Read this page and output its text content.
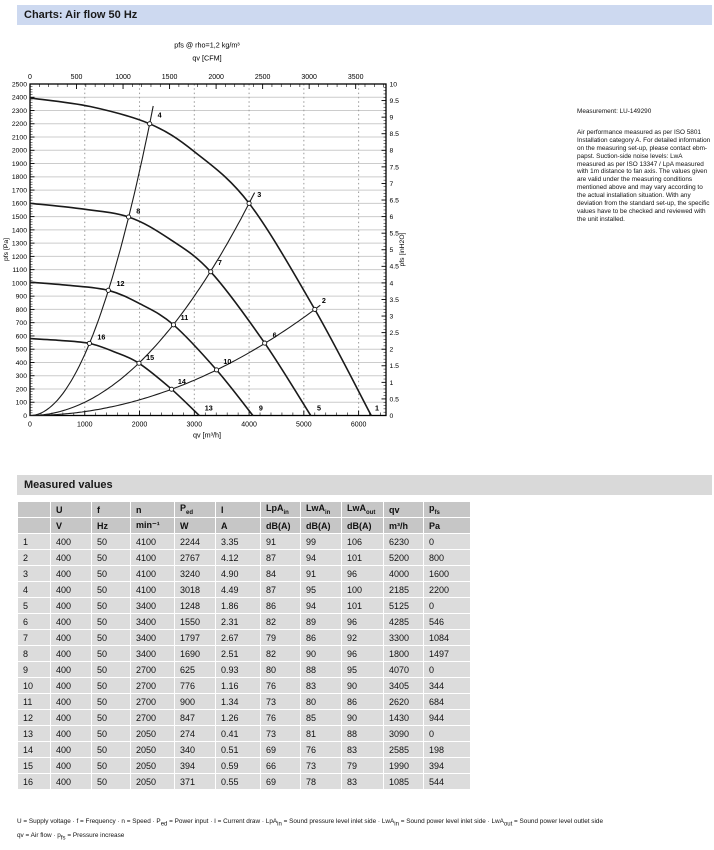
Charts: Air flow 50 Hz
pfs @ rho=1,2 kg/m³
qv [CFM]
qv [m³/h]
pfs [Pa]	pfs [inH2O]
0	500	1000	1500	2000	2500	3000	3500
0	1000	2000	3000	4000	5000	6000
0
100
200
300
400
500
600
700
800
900
1000
1100
1200
1300
1400
1500
1600
1700
1800
1900
2000
2100
2200
2300
2400
2500
0
0.5
1
1.5
2
2.5
3
3.5
4
4.5
5
5.5
6
6.5
7
7.5
8
8.5
9
9.5
10
1
2
3
4
5
6
7
8
9
10
11
12
13
14
15
16
Measurement: LU-149290
Air performance measured as per ISO 5801 Installation category A. For detailed information on the measuring set-up, please contact ebm-papst. Suction-side noise levels: LwA measured as per ISO 13347 / LpA measured with 1m distance to fan axis. The values given are valid under the measuring conditions mentioned above and may vary according to the actual installation situation. With any deviation from the standard set-up, the specific values have to be checked and reviewed with the unit installed.
Measured values
	U	f	n	$P_{ed}$	I	LpA$_{in}$	LwA$_{in}$	LwA$_{out}$	qv	$p_{fs}$
	V	Hz	min⁻¹	W	A	dB(A)	dB(A)	dB(A)	m³/h	Pa
1	400	50	4100	2244	3.35	91	99	106	6230	0
2	400	50	4100	2767	4.12	87	94	101	5200	800
3	400	50	4100	3240	4.90	84	91	96	4000	1600
4	400	50	4100	3018	4.49	87	95	100	2185	2200
5	400	50	3400	1248	1.86	86	94	101	5125	0
6	400	50	3400	1550	2.31	82	89	96	4285	546
7	400	50	3400	1797	2.67	79	86	92	3300	1084
8	400	50	3400	1690	2.51	82	90	96	1800	1497
9	400	50	2700	625	0.93	80	88	95	4070	0
10	400	50	2700	776	1.16	76	83	90	3405	344
11	400	50	2700	900	1.34	73	80	86	2620	684
12	400	50	2700	847	1.26	76	85	90	1430	944
13	400	50	2050	274	0.41	73	81	88	3090	0
14	400	50	2050	340	0.51	69	76	83	2585	198
15	400	50	2050	394	0.59	66	73	79	1990	394
16	400	50	2050	371	0.55	69	78	83	1085	544
U = Supply voltage · f = Frequency · n = Speed · $P_{ed}$ = Power input · I = Current draw · LpA$_{in}$ = Sound pressure level inlet side · LwA$_{in}$ = Sound power level inlet side · LwA$_{out}$ = Sound power level outlet side
qv = Air flow · $p_{fs}$ = Pressure increase
